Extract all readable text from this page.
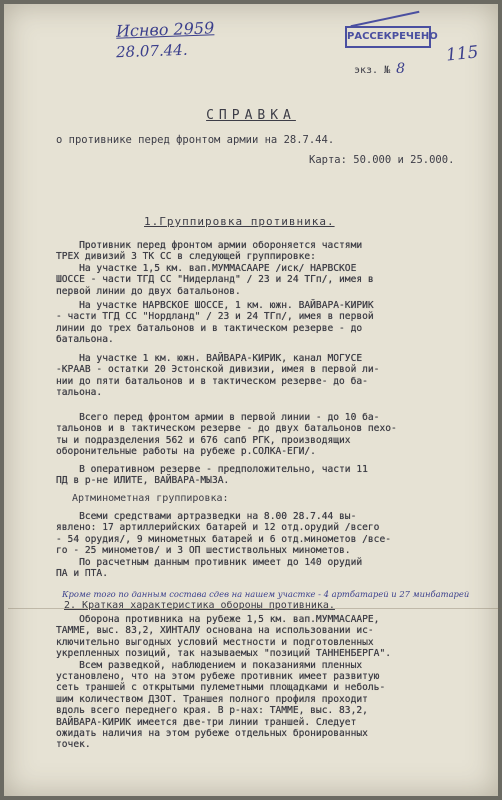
Иснво 2959
28.07.44.
РАССЕКРЕЧЕНО
115
экз. № 8
СПРАВКА
о противнике перед фронтом армии на 28.7.44.
Карта: 50.000 и 25.000.
1.Группировка противника.
Противник перед фронтом армии обороняется частями
ТРЕХ дивизий 3 ТК СС в следующей группировке:
На участке 1,5 км. вап.МУММАСААРЕ /иск/ НАРВСКОЕ
ШОССЕ - части ТГД СС "Нидерланд" / 23 и 24 ТГп/, имея в
первой линии до двух батальонов.
На участке НАРВСКОЕ ШОССЕ, 1 км. южн. ВАЙВАРА-КИРИК
- части ТГД СС "Нордланд" / 23 и 24 ТГп/, имея в первой
линии до трех батальонов и в тактическом резерве - до
батальона.
На участке 1 км. южн. ВАЙВАРА-КИРИК, канал МОГУСЕ
-КРААВ - остатки 20 Эстонской дивизии, имея в первой ли-
нии до пяти батальонов и в тактическом резерве- до ба-
тальона.
Всего перед фронтом армии в первой линии - до 10 ба-
тальонов и в тактическом резерве - до двух батальонов пехо-
ты и подразделения 562 и 676 сапб РГК, производящих
оборонительные работы на рубеже р.СОЛКА-ЕГИ/.
В оперативном резерве - предположительно, части 11
ПД в р-не ИЛИТЕ, ВАЙВАРА-МЫЗА.
Артминометная группировка:
Всеми средствами артразведки на 8.00 28.7.44 вы-
явлено: 17 артиллерийских батарей и 12 отд.орудий /всего
- 54 орудия/, 9 минометных батарей и 6 отд.минометов /все-
го - 25 минометов/ и 3 ОП шестиствольных минометов.
По расчетным данным противник имеет до 140 орудий
ПА и ПТА.
Кроме того по данным состава сдев на нашем участке - 4 артбатарей и 27 минбатарей
2. Краткая характеристика обороны противника.
Оборона противника на рубеже 1,5 км. вап.МУММАСААРЕ,
ТАММЕ, выс. 83,2, ХИНТАЛУ основана на использовании ис-
ключительно выгодных условий местности и подготовленных
укрепленных позиций, так называемых "позиций ТАННЕНБЕРГА".
Всем разведкой, наблюдением и показаниями пленных
установлено, что на этом рубеже противник имеет развитую
сеть траншей с открытыми пулеметными площадками и неболь-
шим количеством ДЗОТ. Траншея полного профиля проходит
вдоль всего переднего края. В р-нах: ТАММЕ, выс. 83,2,
ВАЙВАРА-КИРИК имеется две-три линии траншей. Следует
ожидать наличия на этом рубеже отдельных бронированных
точек.
